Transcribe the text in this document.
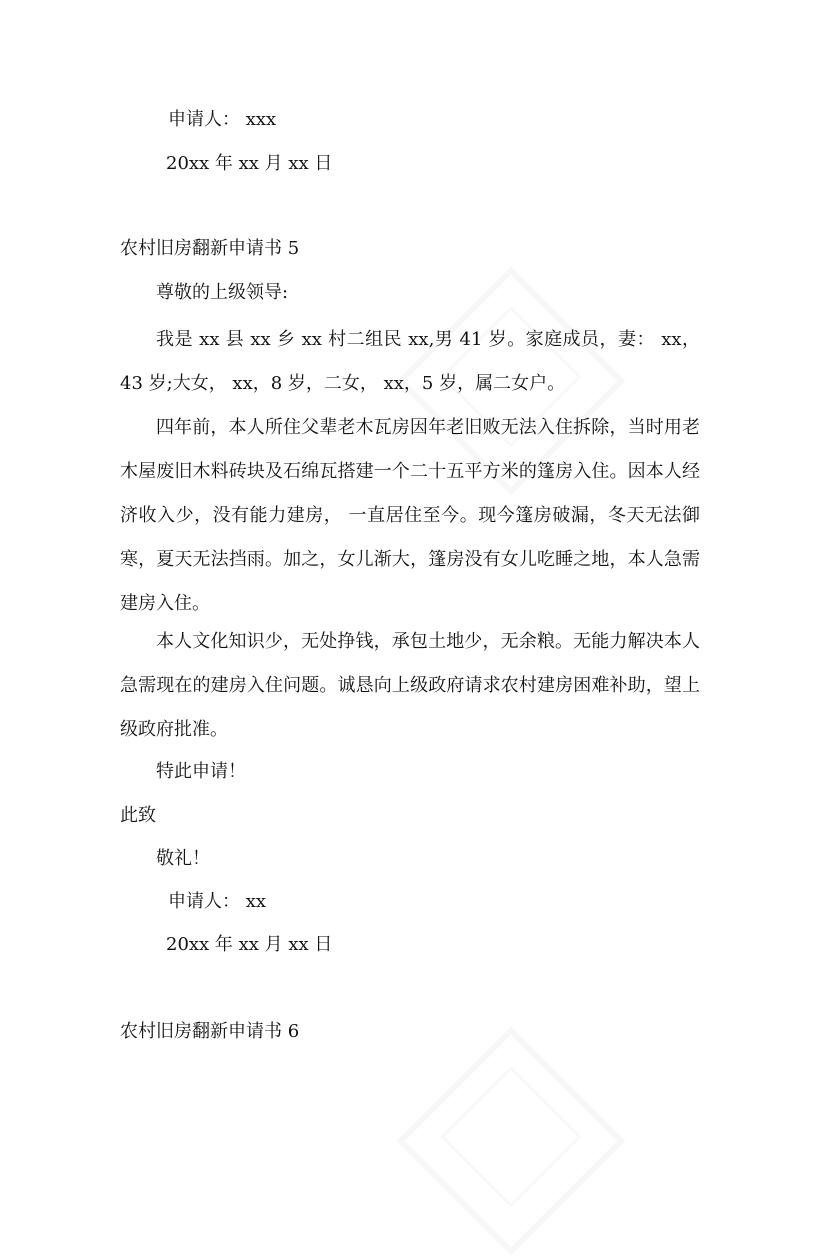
申请人： xxx
20xx 年 xx 月 xx 日
农村旧房翻新申请书 5
尊敬的上级领导:
我是 xx 县 xx 乡 xx 村二组民 xx,男 41 岁。家庭成员，妻： xx，43 岁;大女， xx，8 岁，二女， xx，5 岁，属二女户。
四年前，本人所住父辈老木瓦房因年老旧败无法入住拆除，当时用老木屋废旧木料砖块及石绵瓦搭建一个二十五平方米的篷房入住。因本人经济收入少，没有能力建房， 一直居住至今。现今篷房破漏，冬天无法御寒，夏天无法挡雨。加之，女儿渐大，篷房没有女儿吃睡之地，本人急需建房入住。
本人文化知识少，无处挣钱，承包土地少，无余粮。无能力解决本人急需现在的建房入住问题。诚恳向上级政府请求农村建房困难补助，望上级政府批准。
特此申请！
此致
敬礼！
申请人： xx
20xx 年 xx 月 xx 日
农村旧房翻新申请书 6
